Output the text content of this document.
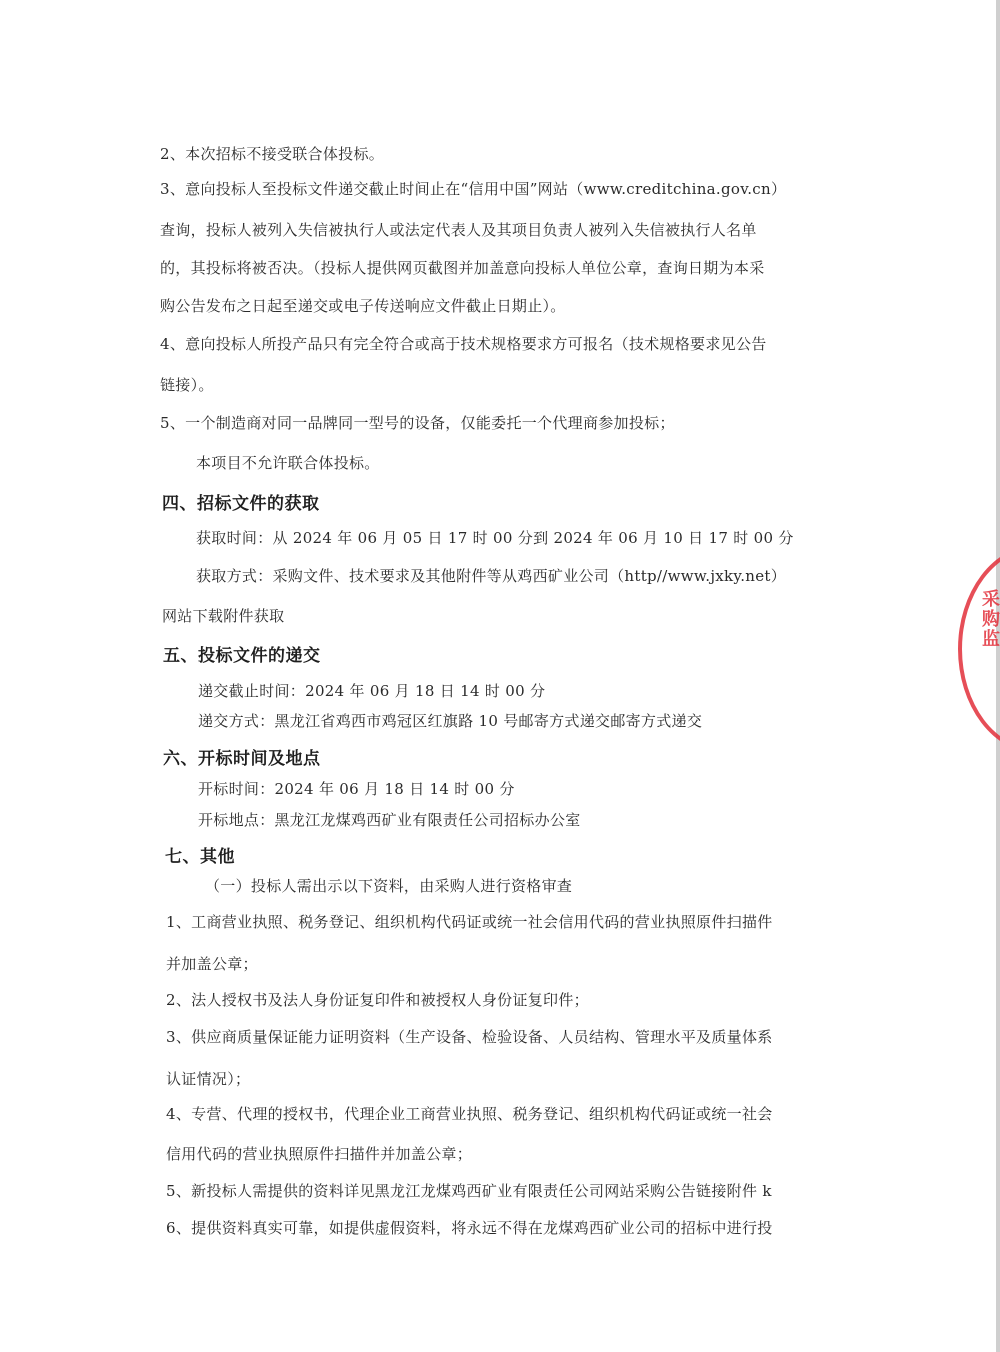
2、本次招标不接受联合体投标。
3、意向投标人至投标文件递交截止时间止在“信用中国”网站（www.creditchina.gov.cn）
查询，投标人被列入失信被执行人或法定代表人及其项目负责人被列入失信被执行人名单
的，其投标将被否决。（投标人提供网页截图并加盖意向投标人单位公章，查询日期为本采
购公告发布之日起至递交或电子传送响应文件截止日期止）。
4、意向投标人所投产品只有完全符合或高于技术规格要求方可报名（技术规格要求见公告
链接）。
5、一个制造商对同一品牌同一型号的设备，仅能委托一个代理商参加投标；
本项目不允许联合体投标。
四、招标文件的获取
获取时间：从 2024 年 06 月 05 日 17 时 00 分到 2024 年 06 月 10 日 17 时 00 分
获取方式：采购文件、技术要求及其他附件等从鸡西矿业公司（http//www.jxky.net）
网站下载附件获取
五、投标文件的递交
递交截止时间：2024 年 06 月 18 日 14 时 00 分
递交方式：黑龙江省鸡西市鸡冠区红旗路 10 号邮寄方式递交邮寄方式递交
六、开标时间及地点
开标时间：2024 年 06 月 18 日 14 时 00 分
开标地点：黑龙江龙煤鸡西矿业有限责任公司招标办公室
七、其他
（一）投标人需出示以下资料，由采购人进行资格审查
1、工商营业执照、税务登记、组织机构代码证或统一社会信用代码的营业执照原件扫描件
并加盖公章；
2、法人授权书及法人身份证复印件和被授权人身份证复印件；
3、供应商质量保证能力证明资料（生产设备、检验设备、人员结构、管理水平及质量体系
认证情况）；
4、专营、代理的授权书，代理企业工商营业执照、税务登记、组织机构代码证或统一社会
信用代码的营业执照原件扫描件并加盖公章；
5、新投标人需提供的资料详见黑龙江龙煤鸡西矿业有限责任公司网站采购公告链接附件 k
6、提供资料真实可靠，如提供虚假资料，将永远不得在龙煤鸡西矿业公司的招标中进行投
采购监
